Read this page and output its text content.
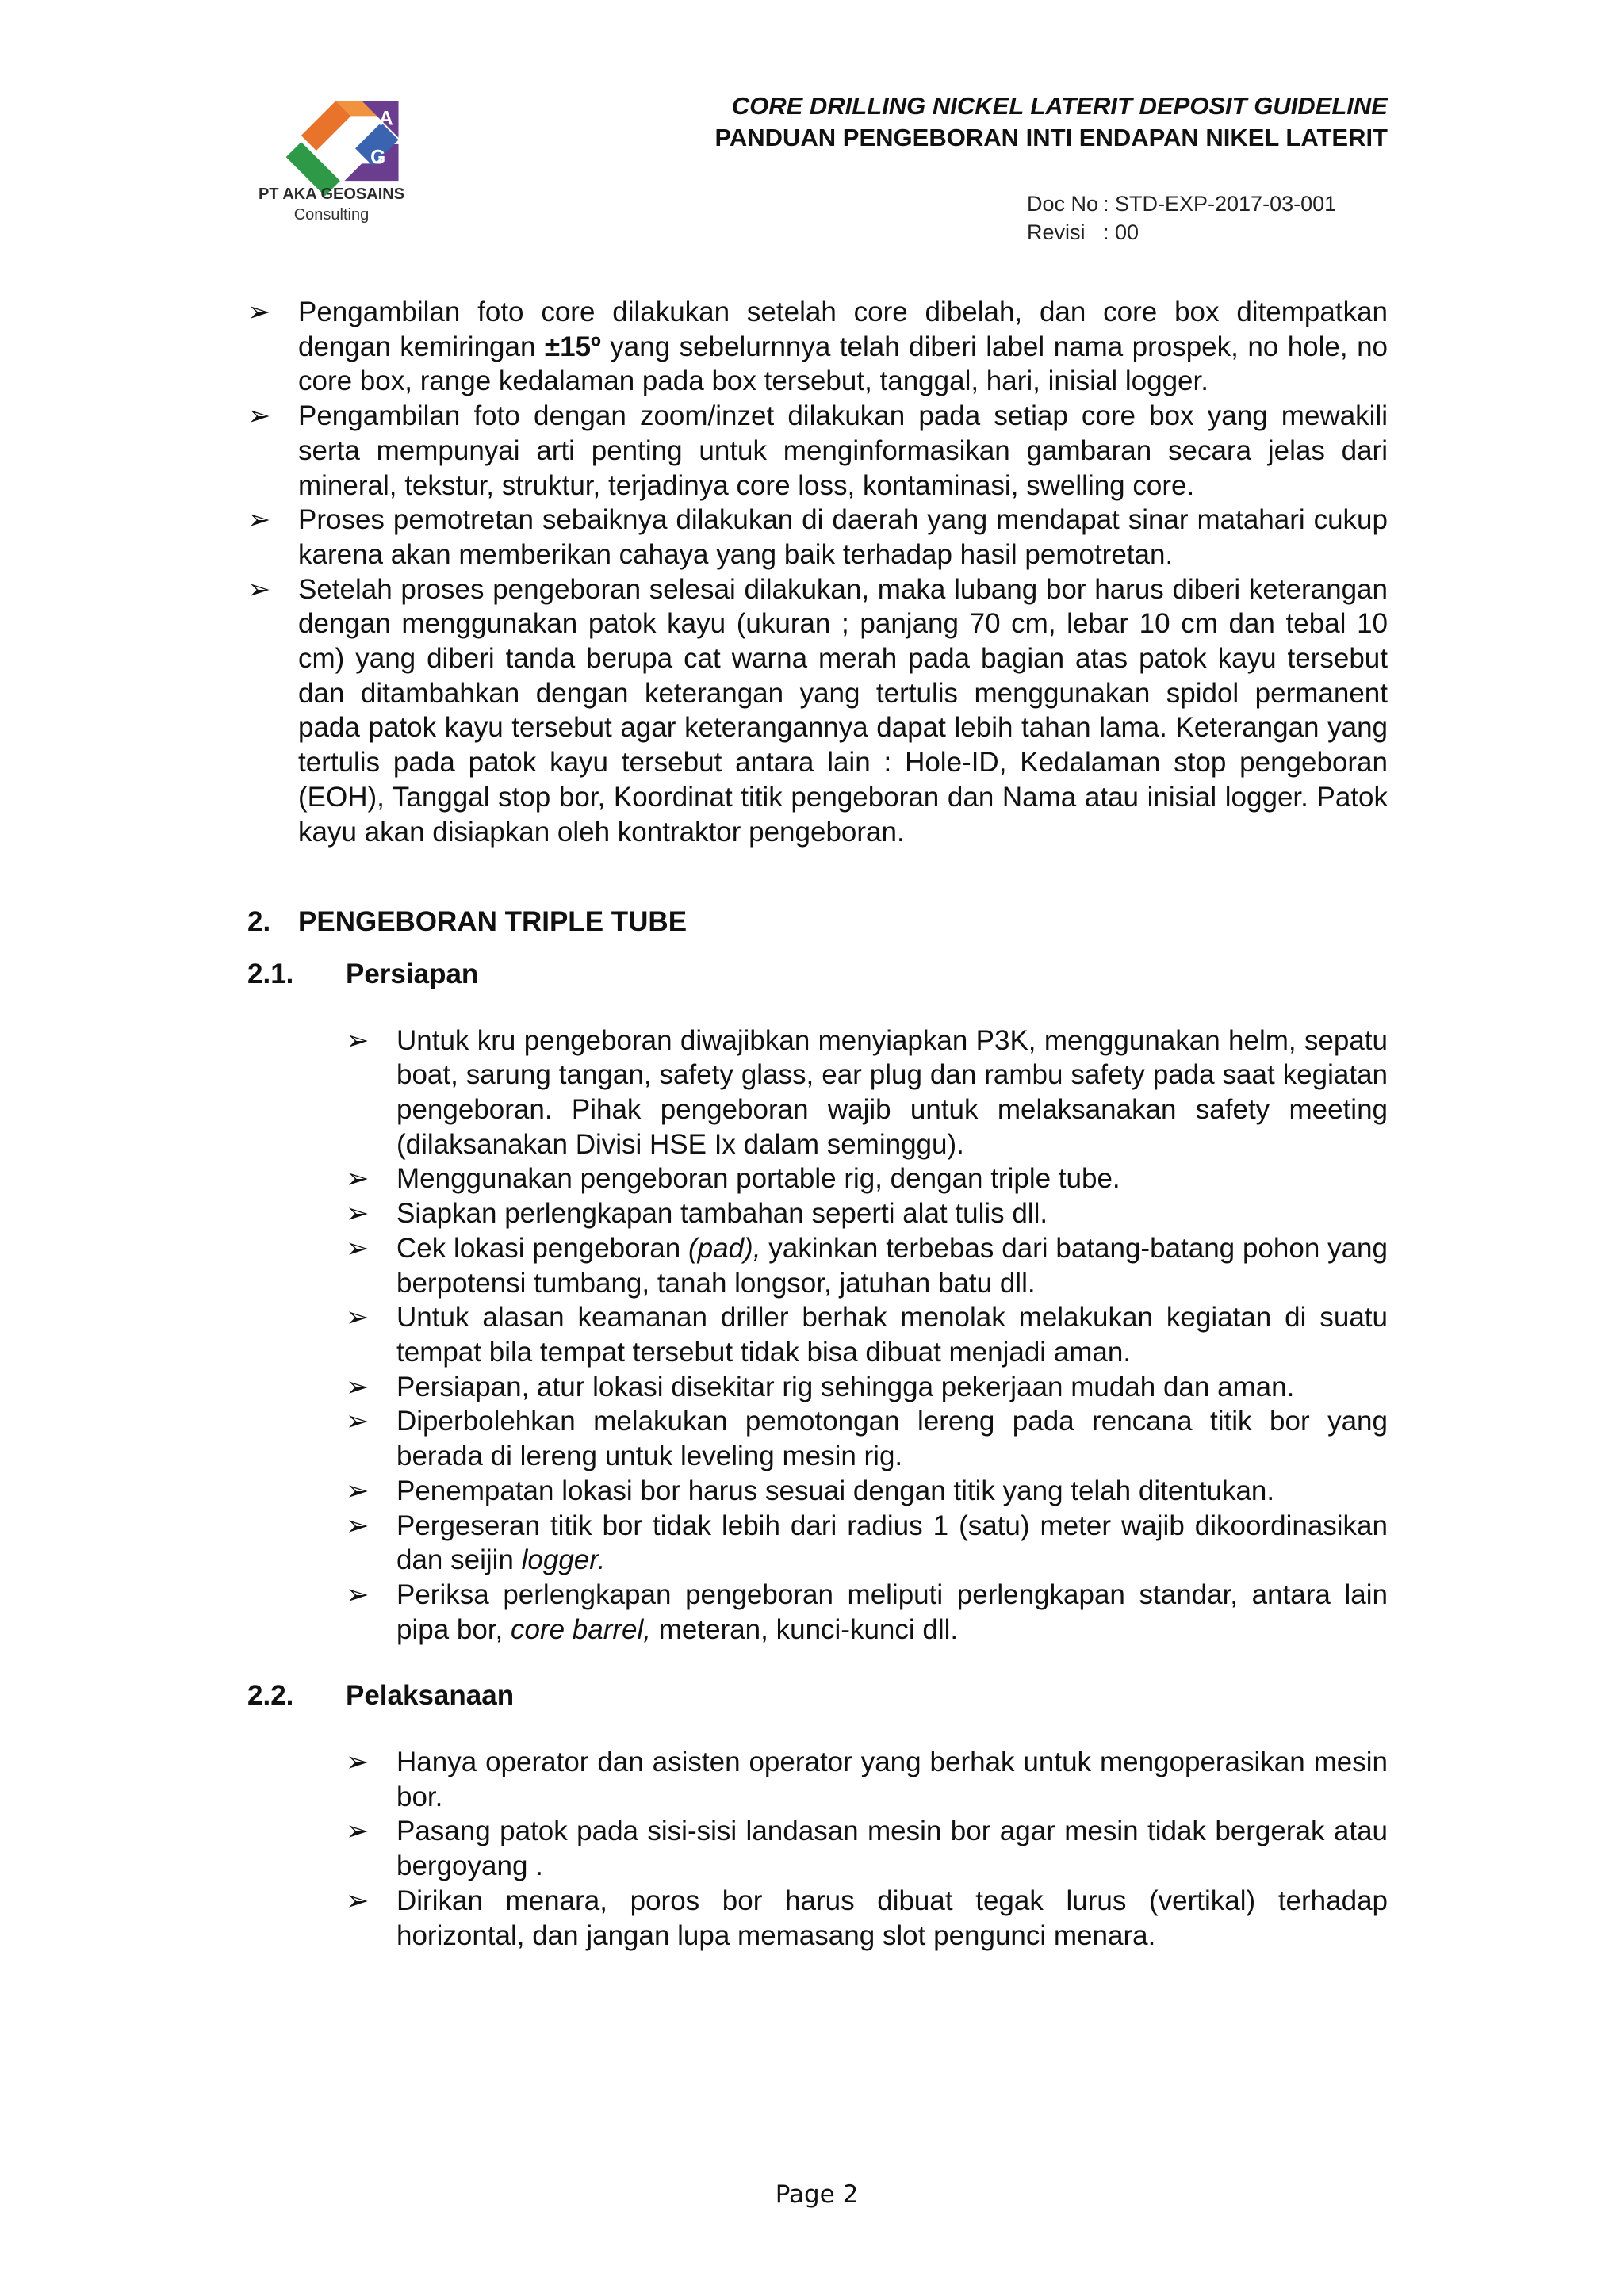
A
G
PT AKA GEOSAINS
Consulting
CORE DRILLING NICKEL LATERIT DEPOSIT GUIDELINE
PANDUAN PENGEBORAN INTI ENDAPAN NIKEL LATERIT
Doc No : STD-EXP-2017-03-001
Revisi : 00
➢ Pengambilan foto core dilakukan setelah core dibelah, dan core box ditempatkan dengan kemiringan ±15º yang sebelurnnya telah diberi label nama prospek, no hole, no core box, range kedalaman pada box tersebut, tanggal, hari, inisial logger.
➢ Pengambilan foto dengan zoom/inzet dilakukan pada setiap core box yang mewakili serta mempunyai arti penting untuk menginformasikan gambaran secara jelas dari mineral, tekstur, struktur, terjadinya core loss, kontaminasi, swelling core.
➢ Proses pemotretan sebaiknya dilakukan di daerah yang mendapat sinar matahari cukup karena akan memberikan cahaya yang baik terhadap hasil pemotretan.
➢ Setelah proses pengeboran selesai dilakukan, maka lubang bor harus diberi keterangan dengan menggunakan patok kayu (ukuran ; panjang 70 cm, lebar 10 cm dan tebal 10 cm) yang diberi tanda berupa cat warna merah pada bagian atas patok kayu tersebut dan ditambahkan dengan keterangan yang tertulis menggunakan spidol permanent pada patok kayu tersebut agar keterangannya dapat lebih tahan lama. Keterangan yang tertulis pada patok kayu tersebut antara lain : Hole-ID, Kedalaman stop pengeboran (EOH), Tanggal stop bor, Koordinat titik pengeboran dan Nama atau inisial logger. Patok kayu akan disiapkan oleh kontraktor pengeboran.
2. PENGEBORAN TRIPLE TUBE
2.1. Persiapan
➢ Untuk kru pengeboran diwajibkan menyiapkan P3K, menggunakan helm, sepatu boat, sarung tangan, safety glass, ear plug dan rambu safety pada saat kegiatan pengeboran. Pihak pengeboran wajib untuk melaksanakan safety meeting (dilaksanakan Divisi HSE Ix dalam seminggu).
➢ Menggunakan pengeboran portable rig, dengan triple tube.
➢ Siapkan perlengkapan tambahan seperti alat tulis dll.
➢ Cek lokasi pengeboran (pad), yakinkan terbebas dari batang-batang pohon yang berpotensi tumbang, tanah longsor, jatuhan batu dll.
➢ Untuk alasan keamanan driller berhak menolak melakukan kegiatan di suatu tempat bila tempat tersebut tidak bisa dibuat menjadi aman.
➢ Persiapan, atur lokasi disekitar rig sehingga pekerjaan mudah dan aman.
➢ Diperbolehkan melakukan pemotongan lereng pada rencana titik bor yang berada di lereng untuk leveling mesin rig.
➢ Penempatan lokasi bor harus sesuai dengan titik yang telah ditentukan.
➢ Pergeseran titik bor tidak lebih dari radius 1 (satu) meter wajib dikoordinasikan dan seijin logger.
➢ Periksa perlengkapan pengeboran meliputi perlengkapan standar, antara lain pipa bor, core barrel, meteran, kunci-kunci dll.
2.2. Pelaksanaan
➢ Hanya operator dan asisten operator yang berhak untuk mengoperasikan mesin bor.
➢ Pasang patok pada sisi-sisi landasan mesin bor agar mesin tidak bergerak atau bergoyang .
➢ Dirikan menara, poros bor harus dibuat tegak lurus (vertikal) terhadap horizontal, dan jangan lupa memasang slot pengunci menara.
Page 2
